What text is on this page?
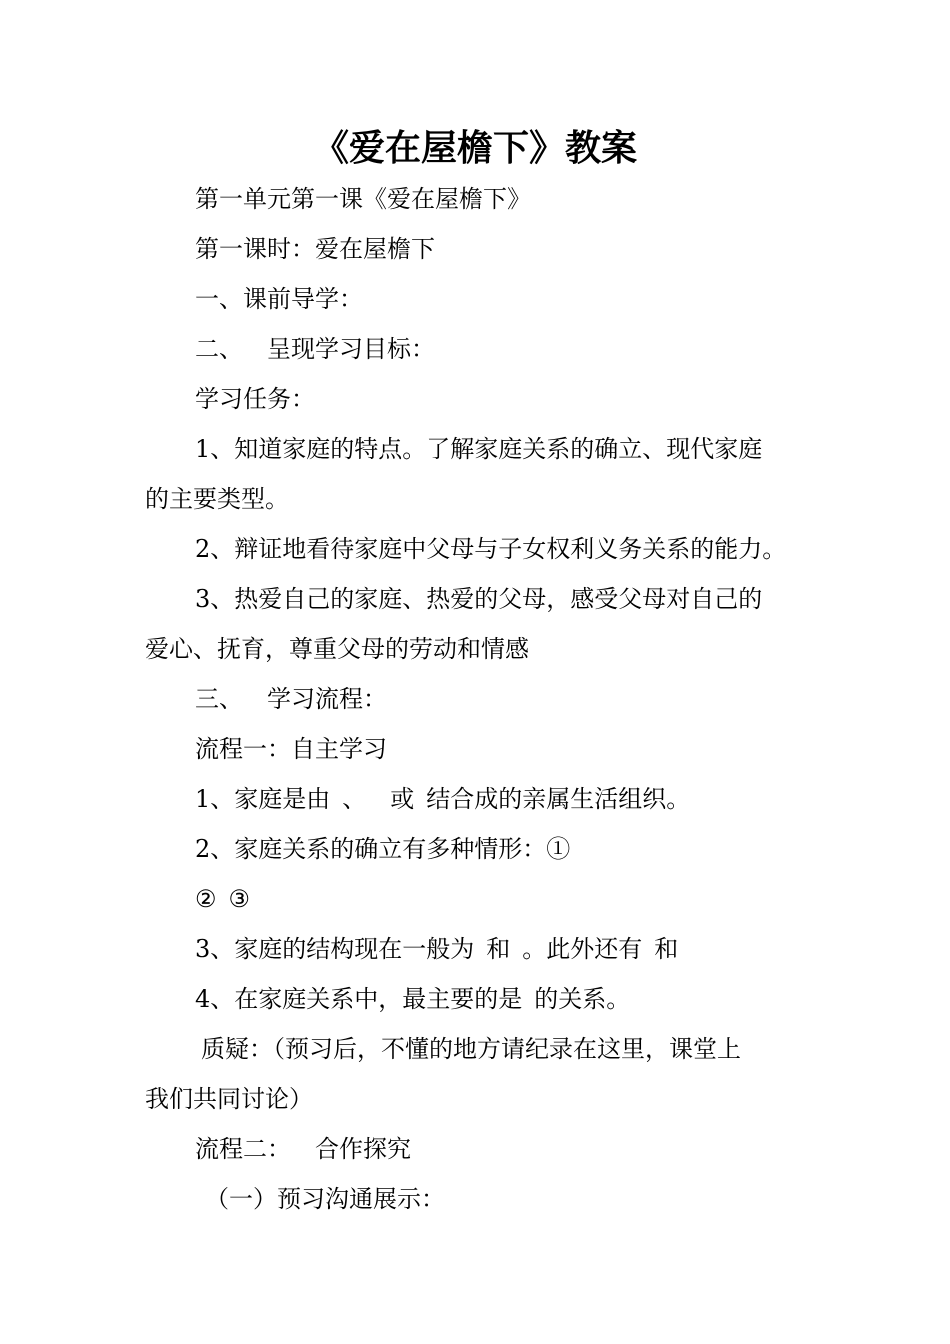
《爱在屋檐下》教案
第一单元第一课《爱在屋檐下》
第一课时：爱在屋檐下
一、课前导学：
二、 呈现学习目标：
学习任务：
1、知道家庭的特点。了解家庭关系的确立、现代家庭
的主要类型。
2、辩证地看待家庭中父母与子女权利义务关系的能力。
3、热爱自己的家庭、热爱的父母，感受父母对自己的
爱心、抚育，尊重父母的劳动和情感
三、 学习流程：
流程一：自主学习
1、家庭是由 、 或 结合成的亲属生活组织。
2、家庭关系的确立有多种情形：①
② ③
3、家庭的结构现在一般为 和 。此外还有 和
4、在家庭关系中，最主要的是 的关系。
质疑：（预习后，不懂的地方请纪录在这里，课堂上
我们共同讨论）
流程二： 合作探究
（一）预习沟通展示：
